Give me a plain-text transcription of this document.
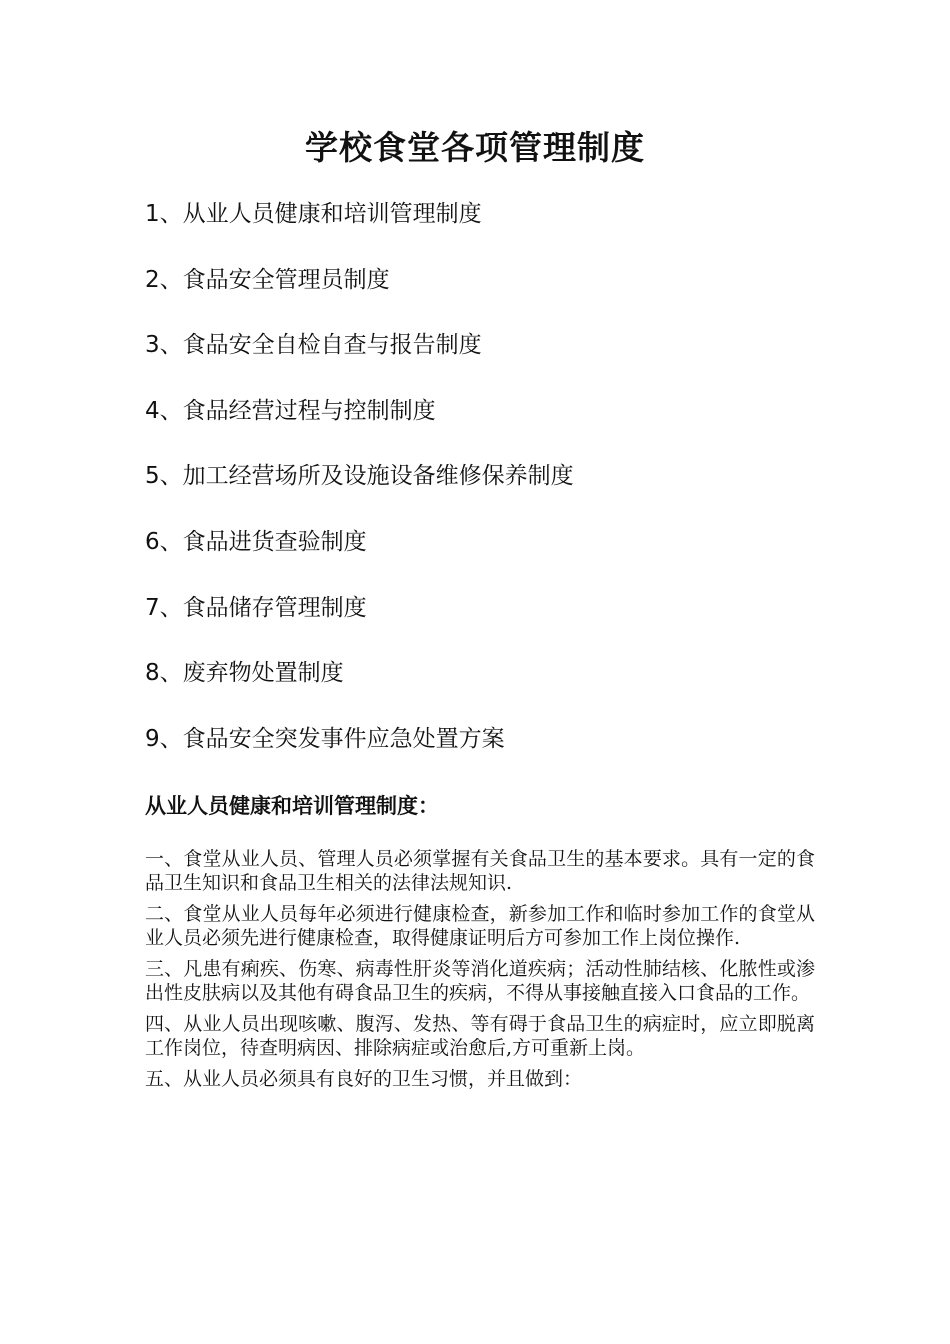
学校食堂各项管理制度
1、从业人员健康和培训管理制度
2、食品安全管理员制度
3、食品安全自检自查与报告制度
4、食品经营过程与控制制度
5、加工经营场所及设施设备维修保养制度
6、食品进货查验制度
7、食品储存管理制度
8、废弃物处置制度
9、食品安全突发事件应急处置方案
从业人员健康和培训管理制度：

一、食堂从业人员、管理人员必须掌握有关食品卫生的基本要求。具有一定的食品卫生知识和食品卫生相关的法律法规知识.

二、食堂从业人员每年必须进行健康检查，新参加工作和临时参加工作的食堂从业人员必须先进行健康检查，取得健康证明后方可参加工作上岗位操作.

三、凡患有痢疾、伤寒、病毒性肝炎等消化道疾病；活动性肺结核、化脓性或渗出性皮肤病以及其他有碍食品卫生的疾病，不得从事接触直接入口食品的工作。

四、从业人员出现咳嗽、腹泻、发热、等有碍于食品卫生的病症时，应立即脱离工作岗位，待查明病因、排除病症或治愈后,方可重新上岗。

五、从业人员必须具有良好的卫生习惯，并且做到：
